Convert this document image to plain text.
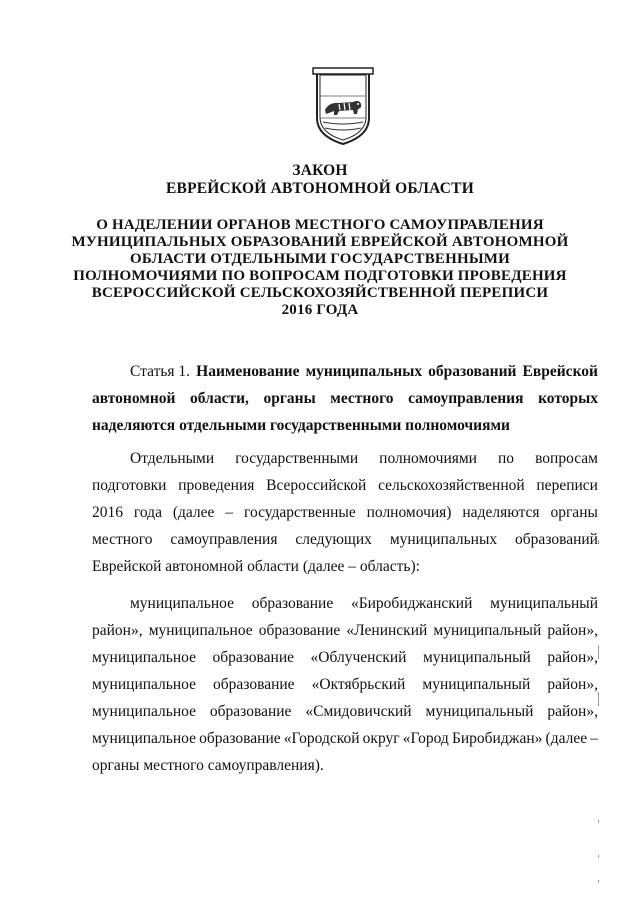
ЗАКОН
ЕВРЕЙСКОЙ АВТОНОМНОЙ ОБЛАСТИ
О НАДЕЛЕНИИ ОРГАНОВ МЕСТНОГО САМОУПРАВЛЕНИЯ
МУНИЦИПАЛЬНЫХ ОБРАЗОВАНИЙ ЕВРЕЙСКОЙ АВТОНОМНОЙ
ОБЛАСТИ ОТДЕЛЬНЫМИ ГОСУДАРСТВЕННЫМИ
ПОЛНОМОЧИЯМИ ПО ВОПРОСАМ ПОДГОТОВКИ ПРОВЕДЕНИЯ
ВСЕРОССИЙСКОЙ СЕЛЬСКОХОЗЯЙСТВЕННОЙ ПЕРЕПИСИ
2016 ГОДА
Статья 1. Наименование муниципальных образований Еврейской
автономной области, органы местного самоуправления которых
наделяются отдельными государственными полномочиями
Отдельными государственными полномочиями по вопросам
подготовки проведения Всероссийской сельскохозяйственной переписи
2016 года (далее – государственные полномочия) наделяются органы
местного самоуправления следующих муниципальных образований
Еврейской автономной области (далее – область):
муниципальное образование «Биробиджанский муниципальный
район», муниципальное образование «Ленинский муниципальный район»,
муниципальное образование «Облученский муниципальный район»,
муниципальное образование «Октябрьский муниципальный район»,
муниципальное образование «Смидовичский муниципальный район»,
муниципальное образование «Городской округ «Город Биробиджан» (далее –
органы местного самоуправления).
